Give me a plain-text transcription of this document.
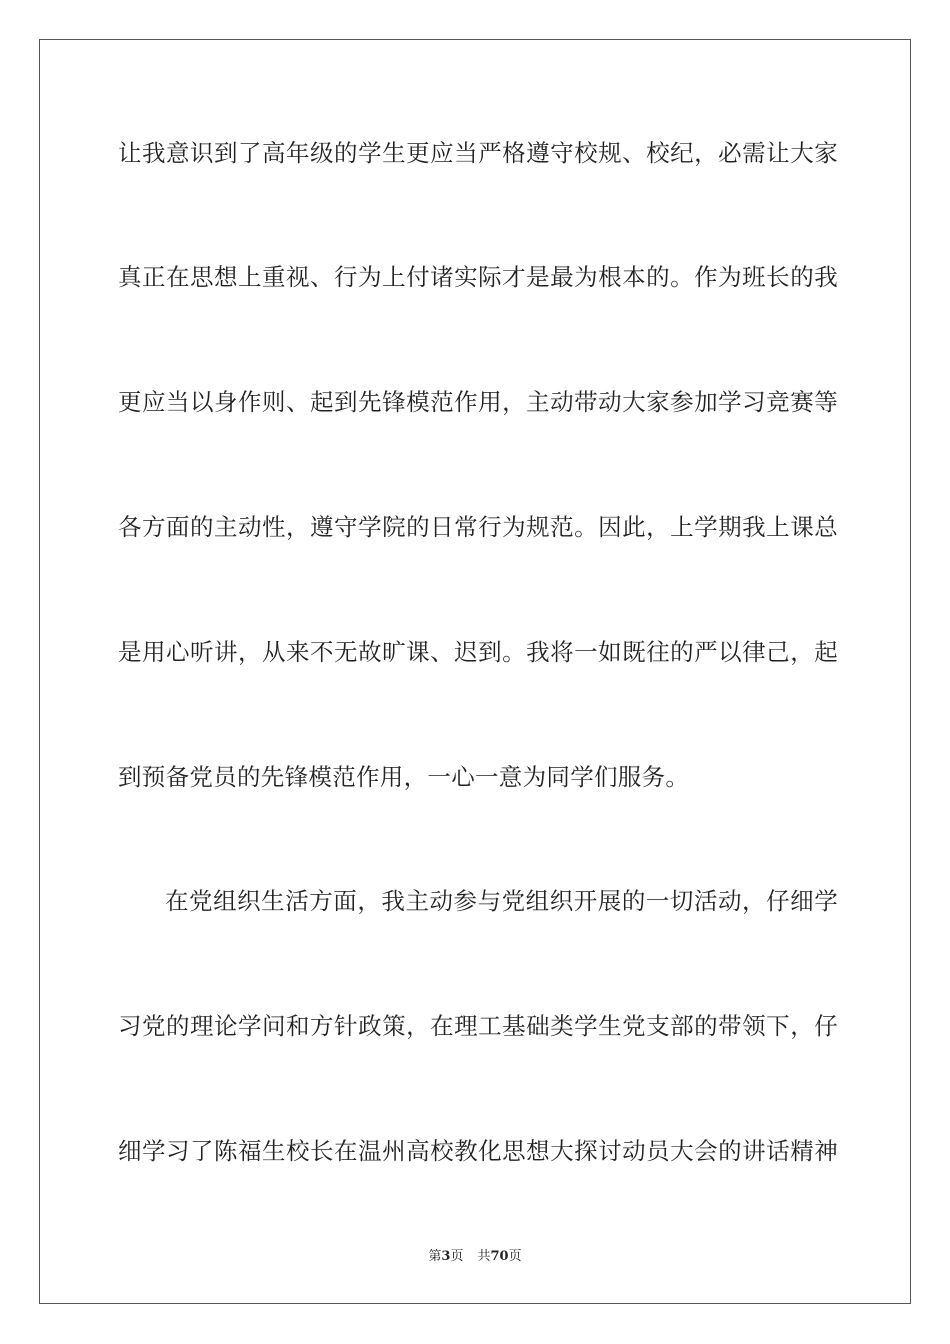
让我意识到了高年级的学生更应当严格遵守校规、校纪，必需让大家
真正在思想上重视、行为上付诸实际才是最为根本的。作为班长的我
更应当以身作则、起到先锋模范作用，主动带动大家参加学习竞赛等
各方面的主动性，遵守学院的日常行为规范。因此，上学期我上课总
是用心听讲，从来不无故旷课、迟到。我将一如既往的严以律己，起
到预备党员的先锋模范作用，一心一意为同学们服务。
在党组织生活方面，我主动参与党组织开展的一切活动，仔细学
习党的理论学问和方针政策，在理工基础类学生党支部的带领下，仔
细学习了陈福生校长在温州高校教化思想大探讨动员大会的讲话精神
第3页 共70页
